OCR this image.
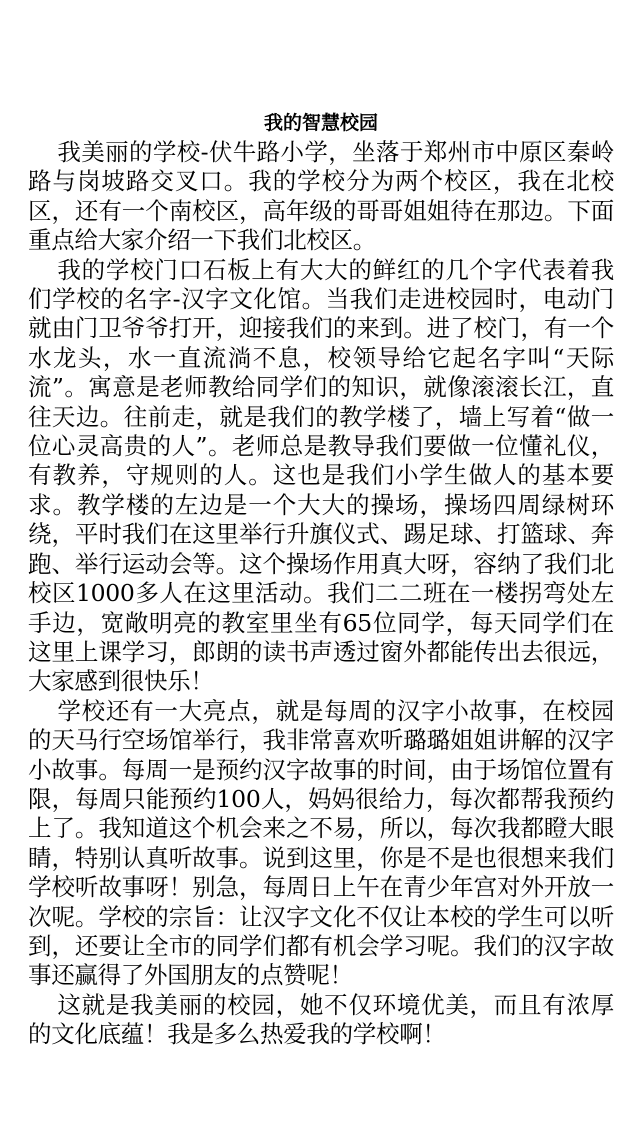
我的智慧校园

我美丽的学校-伏牛路小学，坐落于郑州市中原区秦岭路与岗坡路交叉口。我的学校分为两个校区，我在北校区，还有一个南校区，高年级的哥哥姐姐待在那边。下面重点给大家介绍一下我们北校区。

我的学校门口石板上有大大的鲜红的几个字代表着我们学校的名字-汉字文化馆。当我们走进校园时，电动门就由门卫爷爷打开，迎接我们的来到。进了校门，有一个水龙头，水一直流淌不息，校领导给它起名字叫“天际流”。寓意是老师教给同学们的知识，就像滚滚长江，直往天边。往前走，就是我们的教学楼了，墙上写着“做一位心灵高贵的人”。老师总是教导我们要做一位懂礼仪，有教养，守规则的人。这也是我们小学生做人的基本要求。教学楼的左边是一个大大的操场，操场四周绿树环绕，平时我们在这里举行升旗仪式、踢足球、打篮球、奔跑、举行运动会等。这个操场作用真大呀，容纳了我们北校区1000多人在这里活动。我们二二班在一楼拐弯处左手边，宽敞明亮的教室里坐有65位同学，每天同学们在这里上课学习，郎朗的读书声透过窗外都能传出去很远，大家感到很快乐！

学校还有一大亮点，就是每周的汉字小故事，在校园的天马行空场馆举行，我非常喜欢听璐璐姐姐讲解的汉字小故事。每周一是预约汉字故事的时间，由于场馆位置有限，每周只能预约100人，妈妈很给力，每次都帮我预约上了。我知道这个机会来之不易，所以，每次我都瞪大眼睛，特别认真听故事。说到这里，你是不是也很想来我们学校听故事呀！别急，每周日上午在青少年宫对外开放一次呢。学校的宗旨：让汉字文化不仅让本校的学生可以听到，还要让全市的同学们都有机会学习呢。我们的汉字故事还赢得了外国朋友的点赞呢！

这就是我美丽的校园，她不仅环境优美，而且有浓厚的文化底蕴！我是多么热爱我的学校啊！
